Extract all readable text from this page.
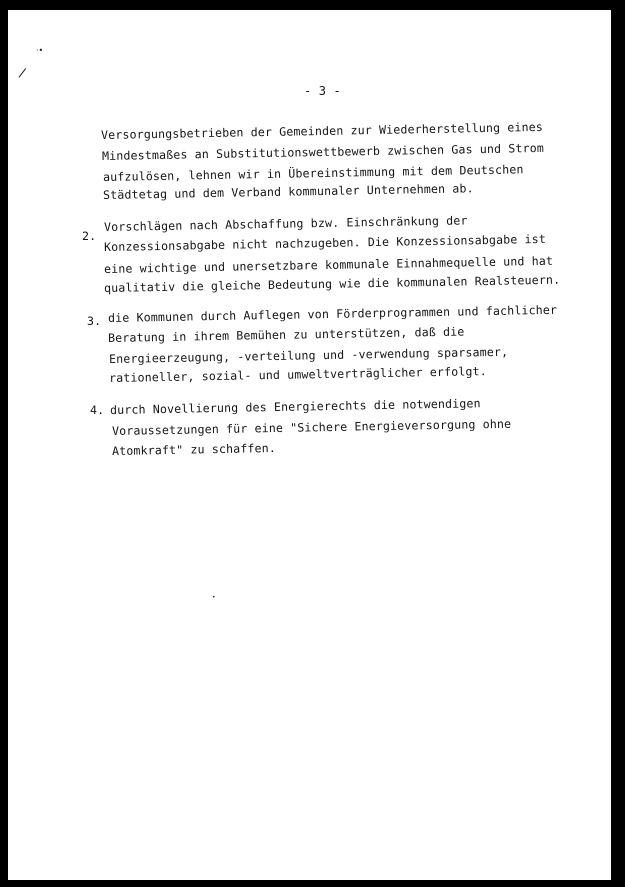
·•
/
•
- 3 -
Versorgungsbetrieben der Gemeinden zur Wiederherstellung eines
Mindestmaßes an Substitutionswettbewerb zwischen Gas und Strom
aufzulösen, lehnen wir in Übereinstimmung mit dem Deutschen
Städtetag und dem Verband kommunaler Unternehmen ab.
2.
Vorschlägen nach Abschaffung bzw. Einschränkung der
Konzessionsabgabe nicht nachzugeben. Die Konzessionsabgabe ist
eine wichtige und unersetzbare kommunale Einnahmequelle und hat
qualitativ die gleiche Bedeutung wie die kommunalen Realsteuern.
3. die Kommunen durch Auflegen von Förderprogrammen und fachlicher
Beratung in ihrem Bemühen zu unterstützen, daß die
Energieerzeugung, -verteilung und -verwendung sparsamer,
rationeller, sozial- und umweltverträglicher erfolgt.
4. durch Novellierung des Energierechts die notwendigen
Voraussetzungen für eine "Sichere Energieversorgung ohne
Atomkraft" zu schaffen.
